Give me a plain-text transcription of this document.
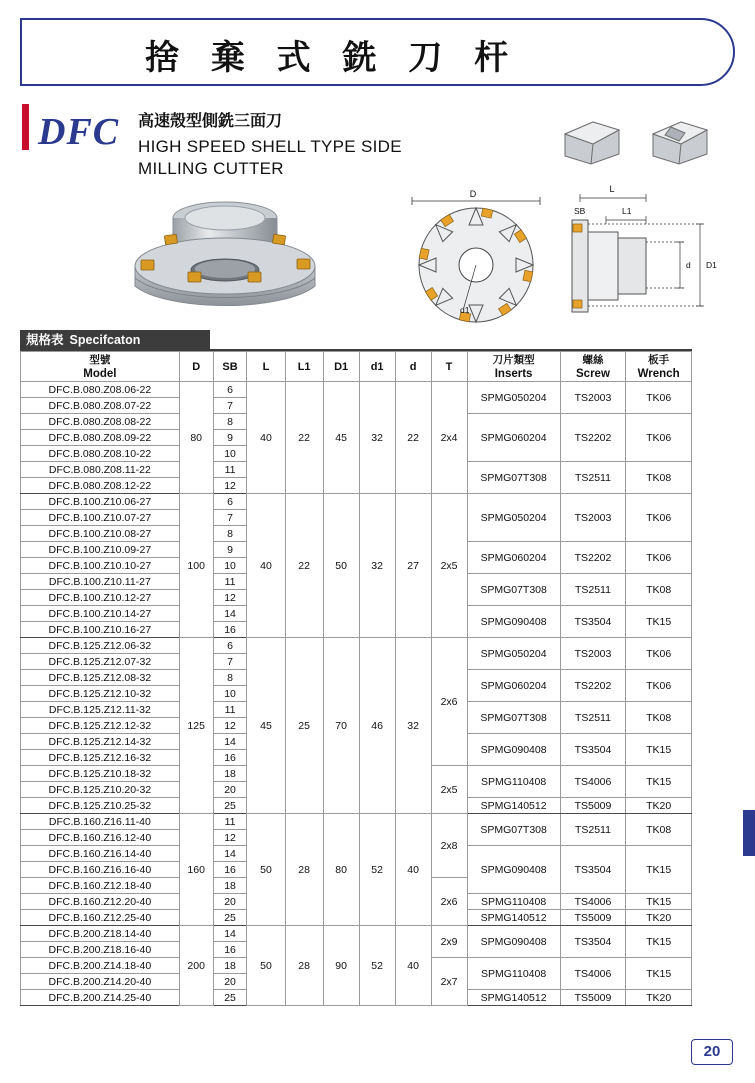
捨 棄 式 銑 刀 杆
DFC 高速殼型側銑三面刀
HIGH SPEED SHELL TYPE SIDE
MILLING CUTTER
D
d1
L
SB	L1
d D1
規格表 Specifcaton
型號
Model	D	SB	L	L1	D1	d1	d	T	刀片類型
Inserts	螺絲
Screw	板手
Wrench

DFC.B.080.Z08.06-22	80	6	40	22	45	32	22	2x4	SPMG050204	TS2003	TK06
DFC.B.080.Z08.07-22		7									
DFC.B.080.Z08.08-22		8							SPMG060204	TS2202	TK06
DFC.B.080.Z08.09-22		9									
DFC.B.080.Z08.10-22		10									
DFC.B.080.Z08.11-22		11							SPMG07T308	TS2511	TK08
DFC.B.080.Z08.12-22		12									
DFC.B.100.Z10.06-27	100	6	40	22	50	32	27	2x5	SPMG050204	TS2003	TK06
DFC.B.100.Z10.07-27		7									
DFC.B.100.Z10.08-27		8									
DFC.B.100.Z10.09-27		9							SPMG060204	TS2202	TK06
DFC.B.100.Z10.10-27		10									
DFC.B.100.Z10.11-27		11							SPMG07T308	TS2511	TK08
DFC.B.100.Z10.12-27		12									
DFC.B.100.Z10.14-27		14							SPMG090408	TS3504	TK15
DFC.B.100.Z10.16-27		16									
DFC.B.125.Z12.06-32	125	6	45	25	70	46	32	2x6	SPMG050204	TS2003	TK06
DFC.B.125.Z12.07-32		7									
DFC.B.125.Z12.08-32		8							SPMG060204	TS2202	TK06
DFC.B.125.Z12.10-32		10									
DFC.B.125.Z12.11-32		11							SPMG07T308	TS2511	TK08
DFC.B.125.Z12.12-32		12									
DFC.B.125.Z12.14-32		14							SPMG090408	TS3504	TK15
DFC.B.125.Z12.16-32		16									
DFC.B.125.Z10.18-32		18						2x5	SPMG110408	TS4006	TK15
DFC.B.125.Z10.20-32		20									
DFC.B.125.Z10.25-32		25							SPMG140512	TS5009	TK20
DFC.B.160.Z16.11-40	160	11	50	28	80	52	40	2x8	SPMG07T308	TS2511	TK08
DFC.B.160.Z16.12-40		12									
DFC.B.160.Z16.14-40		14							SPMG090408	TS3504	TK15
DFC.B.160.Z16.16-40		16									
DFC.B.160.Z12.18-40		18						2x6			
DFC.B.160.Z12.20-40		20							SPMG110408	TS4006	TK15
DFC.B.160.Z12.25-40		25							SPMG140512	TS5009	TK20
DFC.B.200.Z18.14-40	200	14	50	28	90	52	40	2x9	SPMG090408	TS3504	TK15
DFC.B.200.Z18.16-40		16									
DFC.B.200.Z14.18-40		18						2x7	SPMG110408	TS4006	TK15
DFC.B.200.Z14.20-40		20									
DFC.B.200.Z14.25-40		25							SPMG140512	TS5009	TK20
20
